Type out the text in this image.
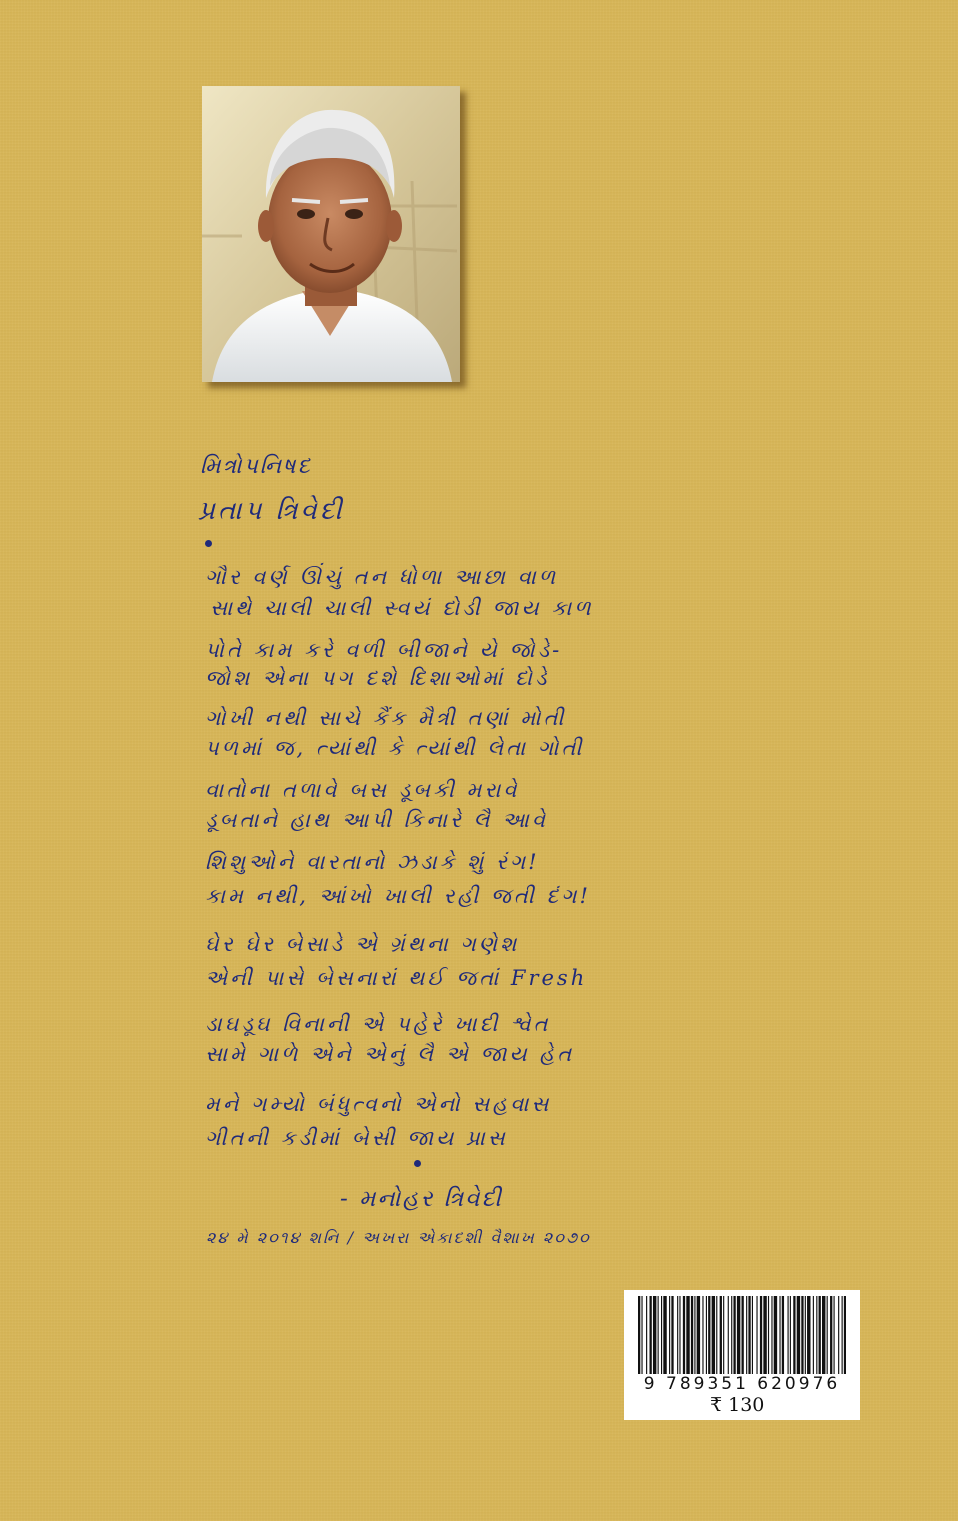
મિત્રોપનિષદ
પ્રતાપ ત્રિવેદી
ગૌર વર્ણ ઊંચું તન ધોળા આછા વાળ
સાથે ચાલી ચાલી સ્વયં દોડી જાય કાળ
પોતે કામ કરે વળી બીજાને યે જોડે-
જોશ એના પગ દશે દિશાઓમાં દોડે
ગોખી નથી સાચે કૈંક મૈત્રી તણાં મોતી
પળમાં જ, ત્યાંથી કે ત્યાંથી લેતા ગોતી
વાતોના તળાવે બસ ડૂબકી મરાવે
ડૂબતાને હાથ આપી કિનારે લૈ આવે
શિશુઓને વારતાનો ઝડાકે શું રંગ!
કામ નથી, આંખો ખાલી રહી જતી દંગ!
ઘેર ઘેર બેસાડે એ ગ્રંથના ગણેશ
એની પાસે બેસનારાં થઈ જતાં Fresh
ડાઘડૂઘ વિનાની એ પહેરે ખાદી શ્વેત
સામે ગાળે એને એનું લૈ એ જાય હેત
મને ગમ્યો બંધુત્વનો એનો સહવાસ
ગીતની કડીમાં બેસી જાય પ્રાસ
- મનોહર ત્રિવેદી
૨૪ મે ૨૦૧૪ શનિ / અખરા એકાદશી વૈશાખ ૨૦૭૦
9 789351 620976
₹ 130
